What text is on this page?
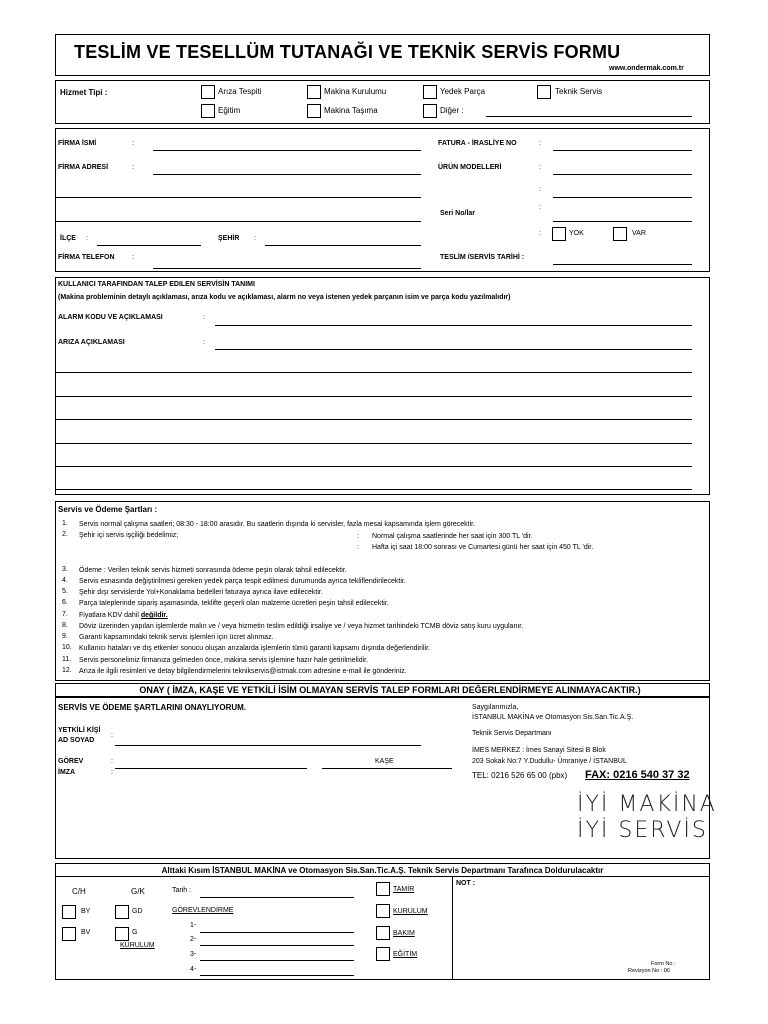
TESLİM VE TESELLÜM TUTANAĞI VE TEKNİK SERVİS FORMU
www.ondermak.com.tr
Hizmet Tipi :	Arıza Tespiti	Makina Kurulumu	Yedek Parça	Teknik Servis
Eğitim	Makina Taşıma	Diğer :
FİRMA İSMİ	:	FATURA - İRASLİYE NO	:
FİRMA ADRESİ	:	ÜRÜN MODELLERİ	:
:
:
Seri No/lar
:	YOK	VAR
İLÇE :	ŞEHİR :
FİRMA TELEFON :	TESLİM /SERVİS TARİHİ :
KULLANICI TARAFINDAN TALEP EDILEN SERVİSİN TANIMI
(Makina probleminin detaylı açıklaması, arıza kodu ve açıklaması, alarm no veya istenen yedek parçanın isim ve parça kodu yazılmalıdır)
ALARM KODU VE AÇIKLAMASI	:
ARIZA AÇIKLAMASI	:
Servis ve Ödeme Şartları :
1. Servis normal çalışma saatleri; 08:30 - 18:00 arasıdır. Bu saatlerin dışında ki servisler, fazla mesai kapsamında işlem görecektir.
2. Şehir içi servis işçiliği bedelimiz;	: Normal çalışma saatlerinde her saat için 300 TL 'dir.
: Hafta içi saat 18:00 sonrası ve Cumartesi günü her saat için 450 TL 'dir.
3. Ödeme : Verilen teknik servis hizmeti sonrasında ödeme peşin olarak tahsil edilecektir.
4. Servis esnasında değiştirilmesi gereken yedek parça tespit edilmesi durumunda ayrıca tekliflendirilecektir.
5. Şehir dışı servislerde Yol+Konaklama bedelleri faturaya ayrıca ilave edilecektir.
6. Parça taleplerinde sipariş aşamasında, teklifte geçerli olan malzeme ücretleri peşin tahsil edilecektir.
7. Fiyatlara KDV dahil değildir.
8. Döviz üzerinden yapılan işlemlerde malın ve / veya hizmetin teslim edildiği irsaliye ve / veya hizmet tarihindeki TCMB döviz satış kuru uygulanır.
9. Garanti kapsamındaki teknik servis işlemleri için ücret alınmaz.
10. Kullanıcı hataları ve dış etkenler sonucu oluşan arızalarda işlemlerin tümü garanti kapsamı dışında değerlendirilir.
11. Servis personelimiz firmanıza gelmeden önce, makina servis işlemine hazır hale getirilmelidir.
12. Arıza ile ilgili resimleri ve detay bilgilendirmelerini teknikservis@istmak.com adresine e-mail ile gönderiniz.
ONAY ( İMZA, KAŞE VE YETKİLİ İSİM OLMAYAN SERVİS TALEP FORMLARI DEĞERLENDİRMEYE ALINMAYACAKTIR.)
SERVİS VE ÖDEME ŞARTLARINI ONAYLIYORUM.
YETKİLİ KİŞİ
AD SOYAD
:
GÖREV	:	KAŞE
İMZA	:
Saygılarımızla,
İSTANBUL MAKİNA ve Otomasyon Sis.San.Tic.A.Ş.
Teknik Servis Departmanı
İMES MERKEZ : İmes Sanayi Sitesi B Blok
203 Sokak No:7 Y.Dudullu- Ümraniye / İSTANBUL
TEL: 0216 526 65 00 (pbx) FAX: 0216 540 37 32
İYİ MAKİNA
İYİ SERVİS
Alttaki Kısım İSTANBUL MAKİNA ve Otomasyon Sis.San.Tic.A.Ş. Teknik Servis Departmanı Tarafınca Doldurulacaktır
C/H	G/K
BY	GD
BV	G
KURULUM
Tarih :
GÖREVLENDİRME
1-
2-
3-
4-
TAMİR
KURULUM
BAKIM
EĞİTİM
NOT :
Form No :
Revizyon No : 06
